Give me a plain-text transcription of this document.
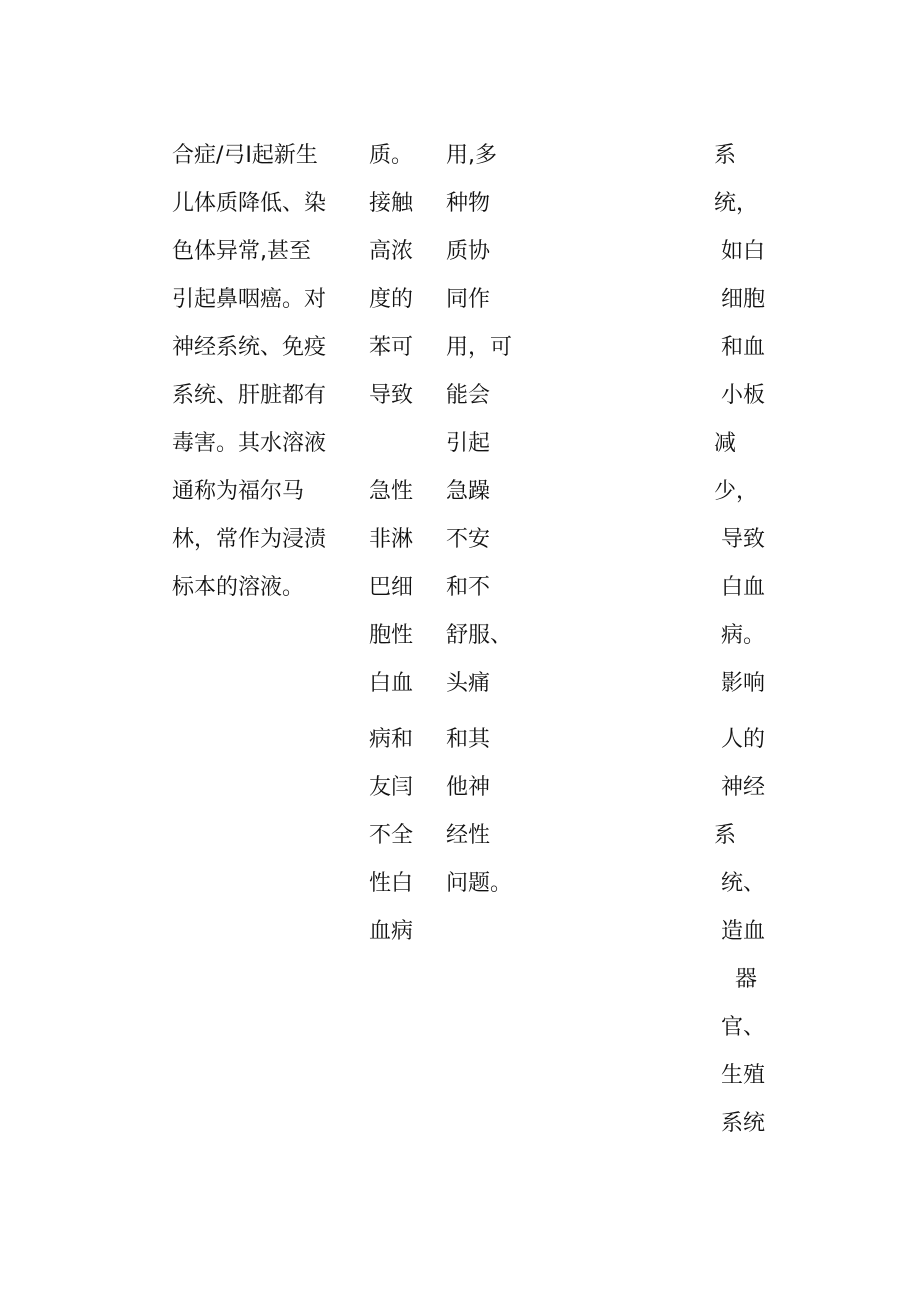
合症/弓I起新生
儿体质降低、染
色体异常,甚至
引起鼻咽癌。对
神经系统、免疫
系统、肝脏都有
毒害。其水溶液
通称为福尔马
林，常作为浸渍
标本的溶液。
质。
接触
高浓
度的
苯可
导致
急性
非淋
巴细
胞性
白血
病和
友闫
不全
性白
血病
用,多
种物
质协
同作
用，可
能会
引起
急躁
不安
和不
舒服、
头痛
和其
他神
经性
问题。
系
统，
如白
细胞
和血
小板
减
少，
导致
白血
病。
影响
人的
神经
系
统、
造血
器
官、
生殖
系统
